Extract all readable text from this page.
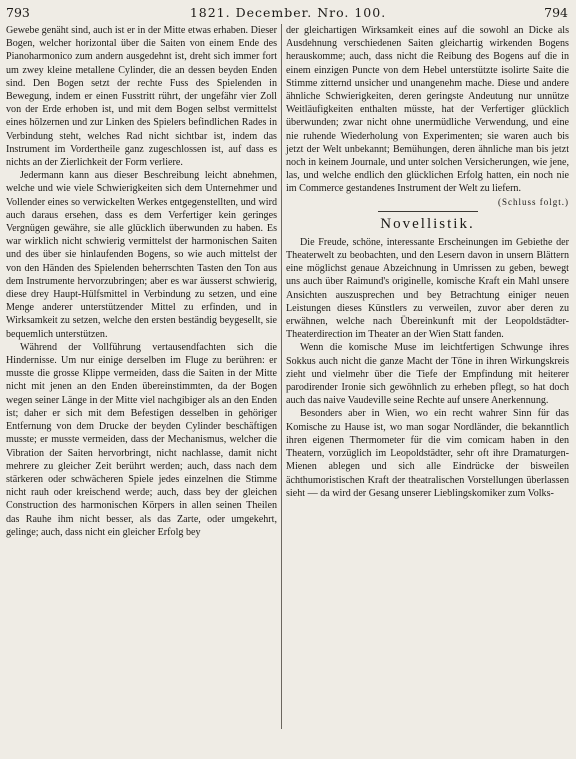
793	1821. December. Nro. 100.	794

Gewebe genäht sind, auch ist er in der Mitte etwas erhaben. Dieser Bogen, welcher horizontal über die Saiten von einem Ende des Pianoharmonico zum andern ausgedehnt ist, dreht sich immer fort um zwey kleine metallene Cylinder, die an dessen beyden Enden sind. Den Bogen setzt der rechte Fuss des Spielenden in Bewegung, indem er einen Fusstritt rührt, der ungefähr vier Zoll von der Erde erhoben ist, und mit dem Bogen selbst vermittelst eines hölzernen und zur Linken des Spielers befindlichen Rades in Verbindung steht, welches Rad nicht sichtbar ist, indem das Instrument im Vordertheile ganz zugeschlossen ist, auf dass es nichts an der Zierlichkeit der Form verliere.

Jedermann kann aus dieser Beschreibung leicht abnehmen, welche und wie viele Schwierigkeiten sich dem Unternehmer und Vollender eines so verwickelten Werkes entgegenstellten, und wird auch daraus ersehen, dass es dem Verfertiger kein geringes Vergnügen gewähre, sie alle glücklich überwunden zu haben. Es war wirklich nicht schwierig vermittelst der harmonischen Saiten und des über sie hinlaufenden Bogens, so wie auch mittelst der von den Händen des Spielenden beherrschten Tasten den Ton aus dem Instrumente hervorzubringen; aber es war äusserst schwierig, diese drey Haupt-Hülfsmittel in Verbindung zu setzen, und eine Menge anderer unterstützender Mittel zu erfinden, und in Wirksamkeit zu setzen, welche den ersten beständig beygesellt, sie bequemlich unterstützen.

Während der Vollführung vertausendfachten sich die Hindernisse. Um nur einige derselben im Fluge zu berühren: er musste die grosse Klippe vermeiden, dass die Saiten in der Mitte nicht mit jenen an den Enden übereinstimmten, da der Bogen wegen seiner Länge in der Mitte viel nachgibiger als an den Enden ist; daher er sich mit dem Befestigen desselben in gehöriger Entfernung von dem Drucke der beyden Cylinder beschäftigen musste; er musste vermeiden, dass der Mechanismus, welcher die Vibration der Saiten hervorbringt, nicht nachlasse, damit nicht mehrere zu gleicher Zeit berührt werden; auch, dass nach dem stärkeren oder schwächeren Spiele jedes einzelnen die Stimme nicht rauh oder kreischend werde; auch, dass bey der gleichen Construction des harmonischen Körpers in allen seinen Theilen das Rauhe ihm nicht besser, als das Zarte, oder umgekehrt, gelinge; auch, dass nicht ein gleicher Erfolg bey

der gleichartigen Wirksamkeit eines auf die sowohl an Dicke als Ausdehnung verschiedenen Saiten gleichartig wirkenden Bogens herauskomme; auch, dass nicht die Reibung des Bogens auf die in einem einzigen Puncte von dem Hebel unterstützte isolirte Saite die Stimme zitternd unsicher und unangenehm mache. Diese und andere ähnliche Schwierigkeiten, deren geringste Andeutung nur unnütze Weitläufigkeiten enthalten müsste, hat der Verfertiger glücklich überwunden; zwar nicht ohne unermüdliche Verwendung, und eine nie ruhende Wiederholung von Experimenten; sie waren auch bis jetzt der Welt unbekannt; Bemühungen, deren ähnliche man bis jetzt noch in keinem Journale, und unter solchen Versicherungen, wie jene, las, und welche endlich den glücklichen Erfolg hatten, ein noch nie im Commerce gestandenes Instrument der Welt zu liefern.

(Schluss folgt.)

Novellistik.

Die Freude, schöne, interessante Erscheinungen im Gebiethe der Theaterwelt zu beobachten, und den Lesern davon in unsern Blättern eine möglichst genaue Abzeichnung in Umrissen zu geben, bewegt uns auch über Raimund's originelle, komische Kraft ein Mahl unsere Ansichten auszusprechen und bey Betrachtung einiger neuen Leistungen dieses Künstlers zu verweilen, zuvor aber deren zu erwähnen, welche nach Übereinkunft mit der Leopoldstädter-Theaterdirection im Theater an der Wien Statt fanden.

Wenn die komische Muse im leichtfertigen Schwunge ihres Sokkus auch nicht die ganze Macht der Töne in ihren Wirkungskreis zieht und vielmehr über die Tiefe der Empfindung mit heiterer parodirender Ironie sich gewöhnlich zu erheben pflegt, so hat doch auch das naive Vaudeville seine Rechte auf unsere Anerkennung.

Besonders aber in Wien, wo ein recht wahrer Sinn für das Komische zu Hause ist, wo man sogar Nordländer, die bekanntlich ihren eigenen Thermometer für die vim comicam haben in den Theatern, vorzüglich im Leopoldstädter, sehr oft ihre Dramaturgen-Mienen ablegen und sich alle Eindrücke der bisweilen ächthumoristischen Kraft der theatralischen Vorstellungen überlassen sieht — da wird der Gesang unserer Lieblingskomiker zum Volks-
